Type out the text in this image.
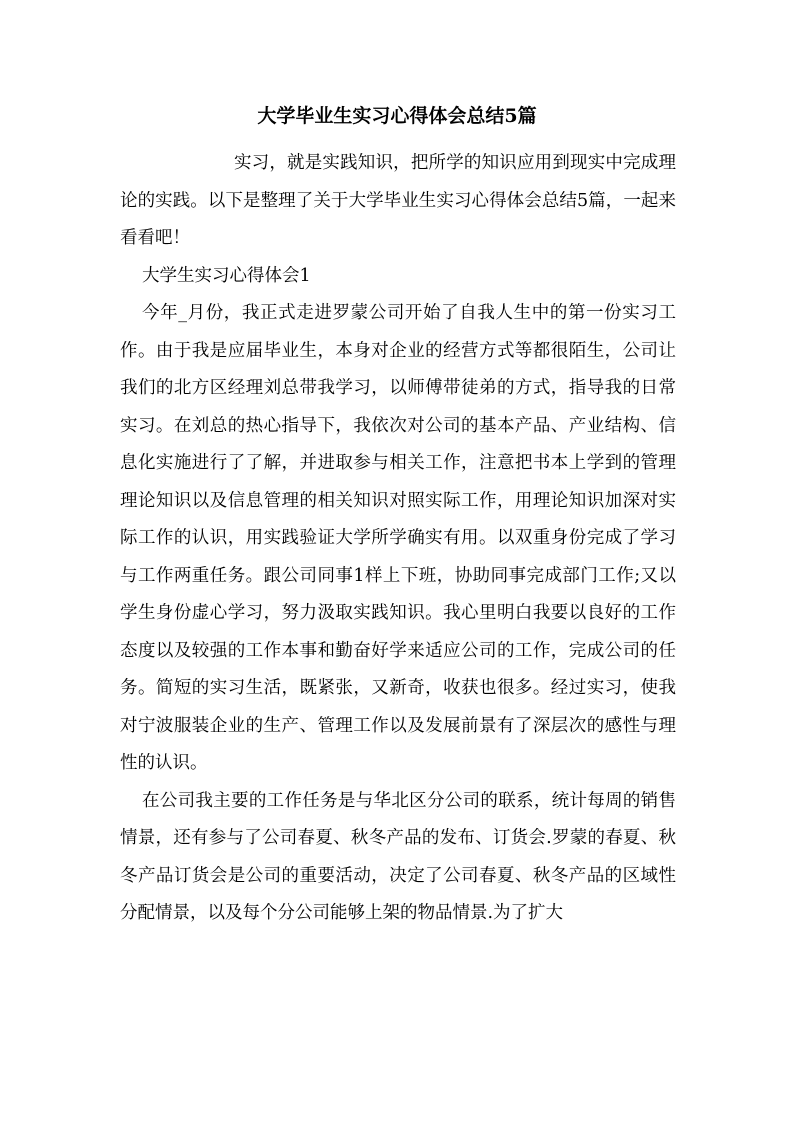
大学毕业生实习心得体会总结5篇

实习，就是实践知识，把所学的知识应用到现实中完成理论的实践。以下是整理了关于大学毕业生实习心得体会总结5篇，一起来看看吧！

大学生实习心得体会1

今年_月份，我正式走进罗蒙公司开始了自我人生中的第一份实习工作。由于我是应届毕业生，本身对企业的经营方式等都很陌生，公司让我们的北方区经理刘总带我学习，以师傅带徒弟的方式，指导我的日常实习。在刘总的热心指导下，我依次对公司的基本产品、产业结构、信息化实施进行了了解，并进取参与相关工作，注意把书本上学到的管理理论知识以及信息管理的相关知识对照实际工作，用理论知识加深对实际工作的认识，用实践验证大学所学确实有用。以双重身份完成了学习与工作两重任务。跟公司同事1样上下班，协助同事完成部门工作;又以学生身份虚心学习，努力汲取实践知识。我心里明白我要以良好的工作态度以及较强的工作本事和勤奋好学来适应公司的工作，完成公司的任务。简短的实习生活，既紧张，又新奇，收获也很多。经过实习，使我对宁波服装企业的生产、管理工作以及发展前景有了深层次的感性与理性的认识。

在公司我主要的工作任务是与华北区分公司的联系，统计每周的销售情景，还有参与了公司春夏、秋冬产品的发布、订货会.罗蒙的春夏、秋冬产品订货会是公司的重要活动，决定了公司春夏、秋冬产品的区域性分配情景，以及每个分公司能够上架的物品情景.为了扩大
